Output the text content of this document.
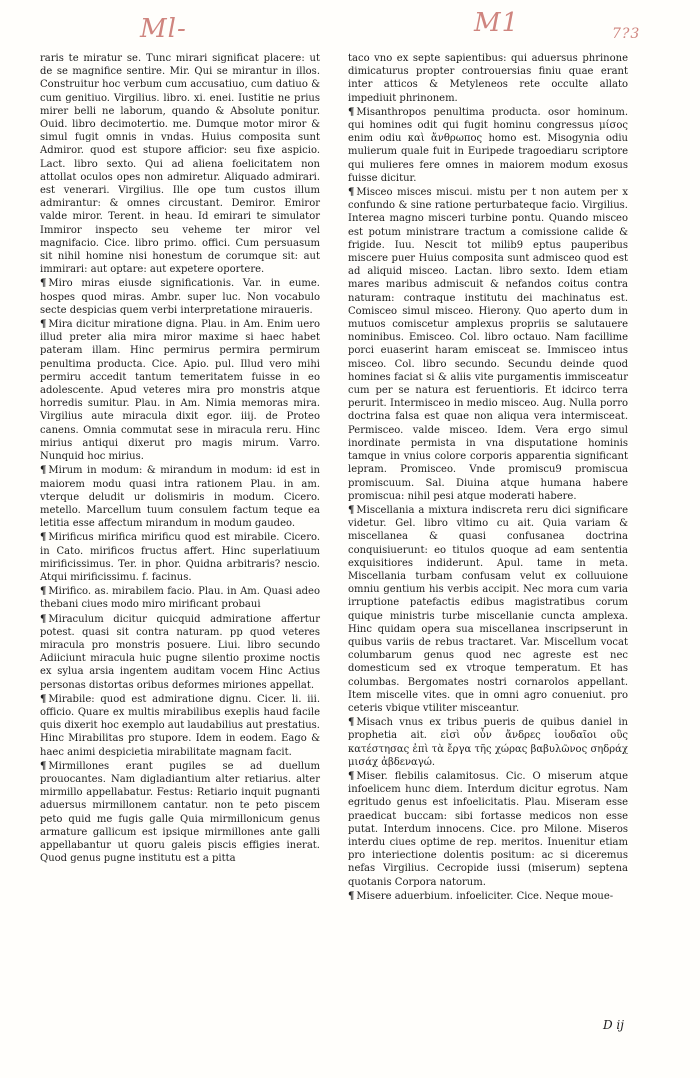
Ml-	M1	7?3

raris te miratur se. Tunc mirari significat placere: ut de se magnifice sentire. Mir. Qui se mirantur in illos. Construitur hoc verbum cum accusatiuo, cum datiuo & cum genitiuo. Virgilius. libro. xi. enei. Iustitie ne prius mirer belli ne laborum, quando & Absolute ponitur. Ouid. libro decimotertio. me. Dumque motor miror & simul fugit omnis in vndas. Huius composita sunt Admiror. quod est stupore afficior: seu fixe aspicio. Lact. libro sexto. Qui ad aliena foelicitatem non attollat oculos opes non admiretur. Aliquado admirari. est venerari. Virgilius. Ille ope tum custos illum admirantur: & omnes circustant. Demiror. Emiror valde miror. Terent. in heau. Id emirari te simulator Immiror inspecto seu veheme ter miror vel magnifacio. Cice. libro primo. offici. Cum persuasum sit nihil homine nisi honestum de corumque sit: aut immirari: aut optare: aut expetere oportere.

¶ Miro miras eiusde significationis. Var. in eume. hospes quod miras. Ambr. super luc. Non vocabulo secte despicias quem verbi interpretatione miraueris.

¶ Mira dicitur miratione digna. Plau. in Am. Enim uero illud preter alia mira miror maxime si haec habet pateram illam. Hinc permirus permira permirum penultima producta. Cice. Apio. pul. Illud vero mihi permiru accedit tantum temeritatem fuisse in eo adolescente. Apud veteres mira pro monstris atque horredis sumitur. Plau. in Am. Nimia memoras mira. Virgilius aute miracula dixit egor. iiij. de Proteo canens. Omnia commutat sese in miracula reru. Hinc mirius antiqui dixerut pro magis mirum. Varro. Nunquid hoc mirius.

¶ Mirum in modum: & mirandum in modum: id est in maiorem modu quasi intra rationem Plau. in am. vterque deludit ur dolismiris in modum. Cicero. metello. Marcellum tuum consulem factum teque ea letitia esse affectum mirandum in modum gaudeo.

¶ Mirificus mirifica mirificu quod est mirabile. Cicero. in Cato. mirificos fructus affert. Hinc superlatiuum mirificissimus. Ter. in phor. Quidna arbitraris? nescio. Atqui mirificissimu. f. facinus.

¶ Mirifico. as. mirabilem facio. Plau. in Am. Quasi adeo thebani ciues modo miro mirificant probaui

¶ Miraculum dicitur quicquid admiratione affertur potest. quasi sit contra naturam. pp quod veteres miracula pro monstris posuere. Liui. libro secundo Adiiciunt miracula huic pugne silentio proxime noctis ex sylua arsia ingentem auditam vocem Hinc Actius personas distortas oribus deformes miriones appellat.

¶ Mirabile: quod est admiratione dignu. Cicer. li. iii. officio. Quare ex multis mirabilibus exeplis haud facile quis dixerit hoc exemplo aut laudabilius aut prestatius. Hinc Mirabilitas pro stupore. Idem in eodem. Eago & haec animi despicietia mirabilitate magnam facit.

¶ Mirmillones erant pugiles se ad duellum prouocantes. Nam digladiantium alter retiarius. alter mirmillo appellabatur. Festus: Retiario inquit pugnanti aduersus mirmillonem cantatur. non te peto piscem peto quid me fugis galle Quia mirmillonicum genus armature gallicum est ipsique mirmillones ante galli appellabantur ut quoru galeis piscis effigies inerat. Quod genus pugne institutu est a pitta

taco vno ex septe sapientibus: qui aduersus phrinone dimicaturus propter controuersias finiu quae erant inter atticos & Metyleneos rete occulte allato impediuit phrinonem.

¶ Misanthropos penultima producta. osor hominum. qui homines odit qui fugit hominu congressus μίσος enim odiu καὶ ἄνθρωπος homo est. Misogynia odiu mulierum quale fuit in Euripede tragoediaru scriptore qui mulieres fere omnes in maiorem modum exosus fuisse dicitur.

¶ Misceo misces miscui. mistu per t non autem per x confundo & sine ratione perturbateque facio. Virgilius. Interea magno misceri turbine pontu. Quando misceo est potum ministrare tractum a comissione calide & frigide. Iuu. Nescit tot milib9 eptus pauperibus miscere puer Huius composita sunt admisceo quod est ad aliquid misceo. Lactan. libro sexto. Idem etiam mares maribus admiscuit & nefandos coitus contra naturam: contraque institutu dei machinatus est. Comisceo simul misceo. Hierony. Quo aperto dum in mutuos comiscetur amplexus propriis se salutauere nominibus. Emisceo. Col. libro octauo. Nam facillime porci euaserint haram emisceat se. Immisceo intus misceo. Col. libro secundo. Secundu deinde quod homines faciat si & aliis vite purgamentis immisceatur cum per se natura est feruentioris. Et idcirco terra perurit. Intermisceo in medio misceo. Aug. Nulla porro doctrina falsa est quae non aliqua vera intermisceat. Permisceo. valde misceo. Idem. Vera ergo simul inordinate permista in vna disputatione hominis tamque in vnius colore corporis apparentia significant lepram. Promisceo. Vnde promiscu9 promiscua promiscuum. Sal. Diuina atque humana habere promiscua: nihil pesi atque moderati habere.

¶ Miscellania a mixtura indiscreta reru dici significare videtur. Gel. libro vltimo cu ait. Quia variam & miscellanea & quasi confusanea doctrina conquisiuerunt: eo titulos quoque ad eam sententia exquisitiores indiderunt. Apul. tame in meta. Miscellania turbam confusam velut ex colluuione omniu gentium his verbis accipit. Nec mora cum varia irruptione patefactis edibus magistratibus corum quique ministris turbe miscellanie cuncta amplexa. Hinc quidam opera sua miscellanea inscripserunt in quibus variis de rebus tractaret. Var. Miscellum vocat columbarum genus quod nec agreste est nec domesticum sed ex vtroque temperatum. Et has columbas. Bergomates nostri cornarolos appellant. Item miscelle vites. que in omni agro conueniut. pro ceteris vbique vtiliter misceantur.

¶ Misach vnus ex tribus pueris de quibus daniel in prophetia ait. εἰσὶ οὖν ἄνδρες ἰουδαῖοι οὓς κατέστησας ἐπὶ τὰ ἔργα τῆς χώρας βαβυλῶνος σηδράχ μισάχ ἀβδεναγώ.

¶ Miser. flebilis calamitosus. Cic. O miserum atque infoelicem hunc diem. Interdum dicitur egrotus. Nam egritudo genus est infoelicitatis. Plau. Miseram esse praedicat buccam: sibi fortasse medicos non esse putat. Interdum innocens. Cice. pro Milone. Miseros interdu ciues optime de rep. meritos. Inuenitur etiam pro interiectione dolentis positum: ac si diceremus nefas Virgilius. Cecropide iussi (miserum) septena quotanis Corpora natorum.

¶ Misere aduerbium. infoeliciter. Cice. Neque moue-

D ij
